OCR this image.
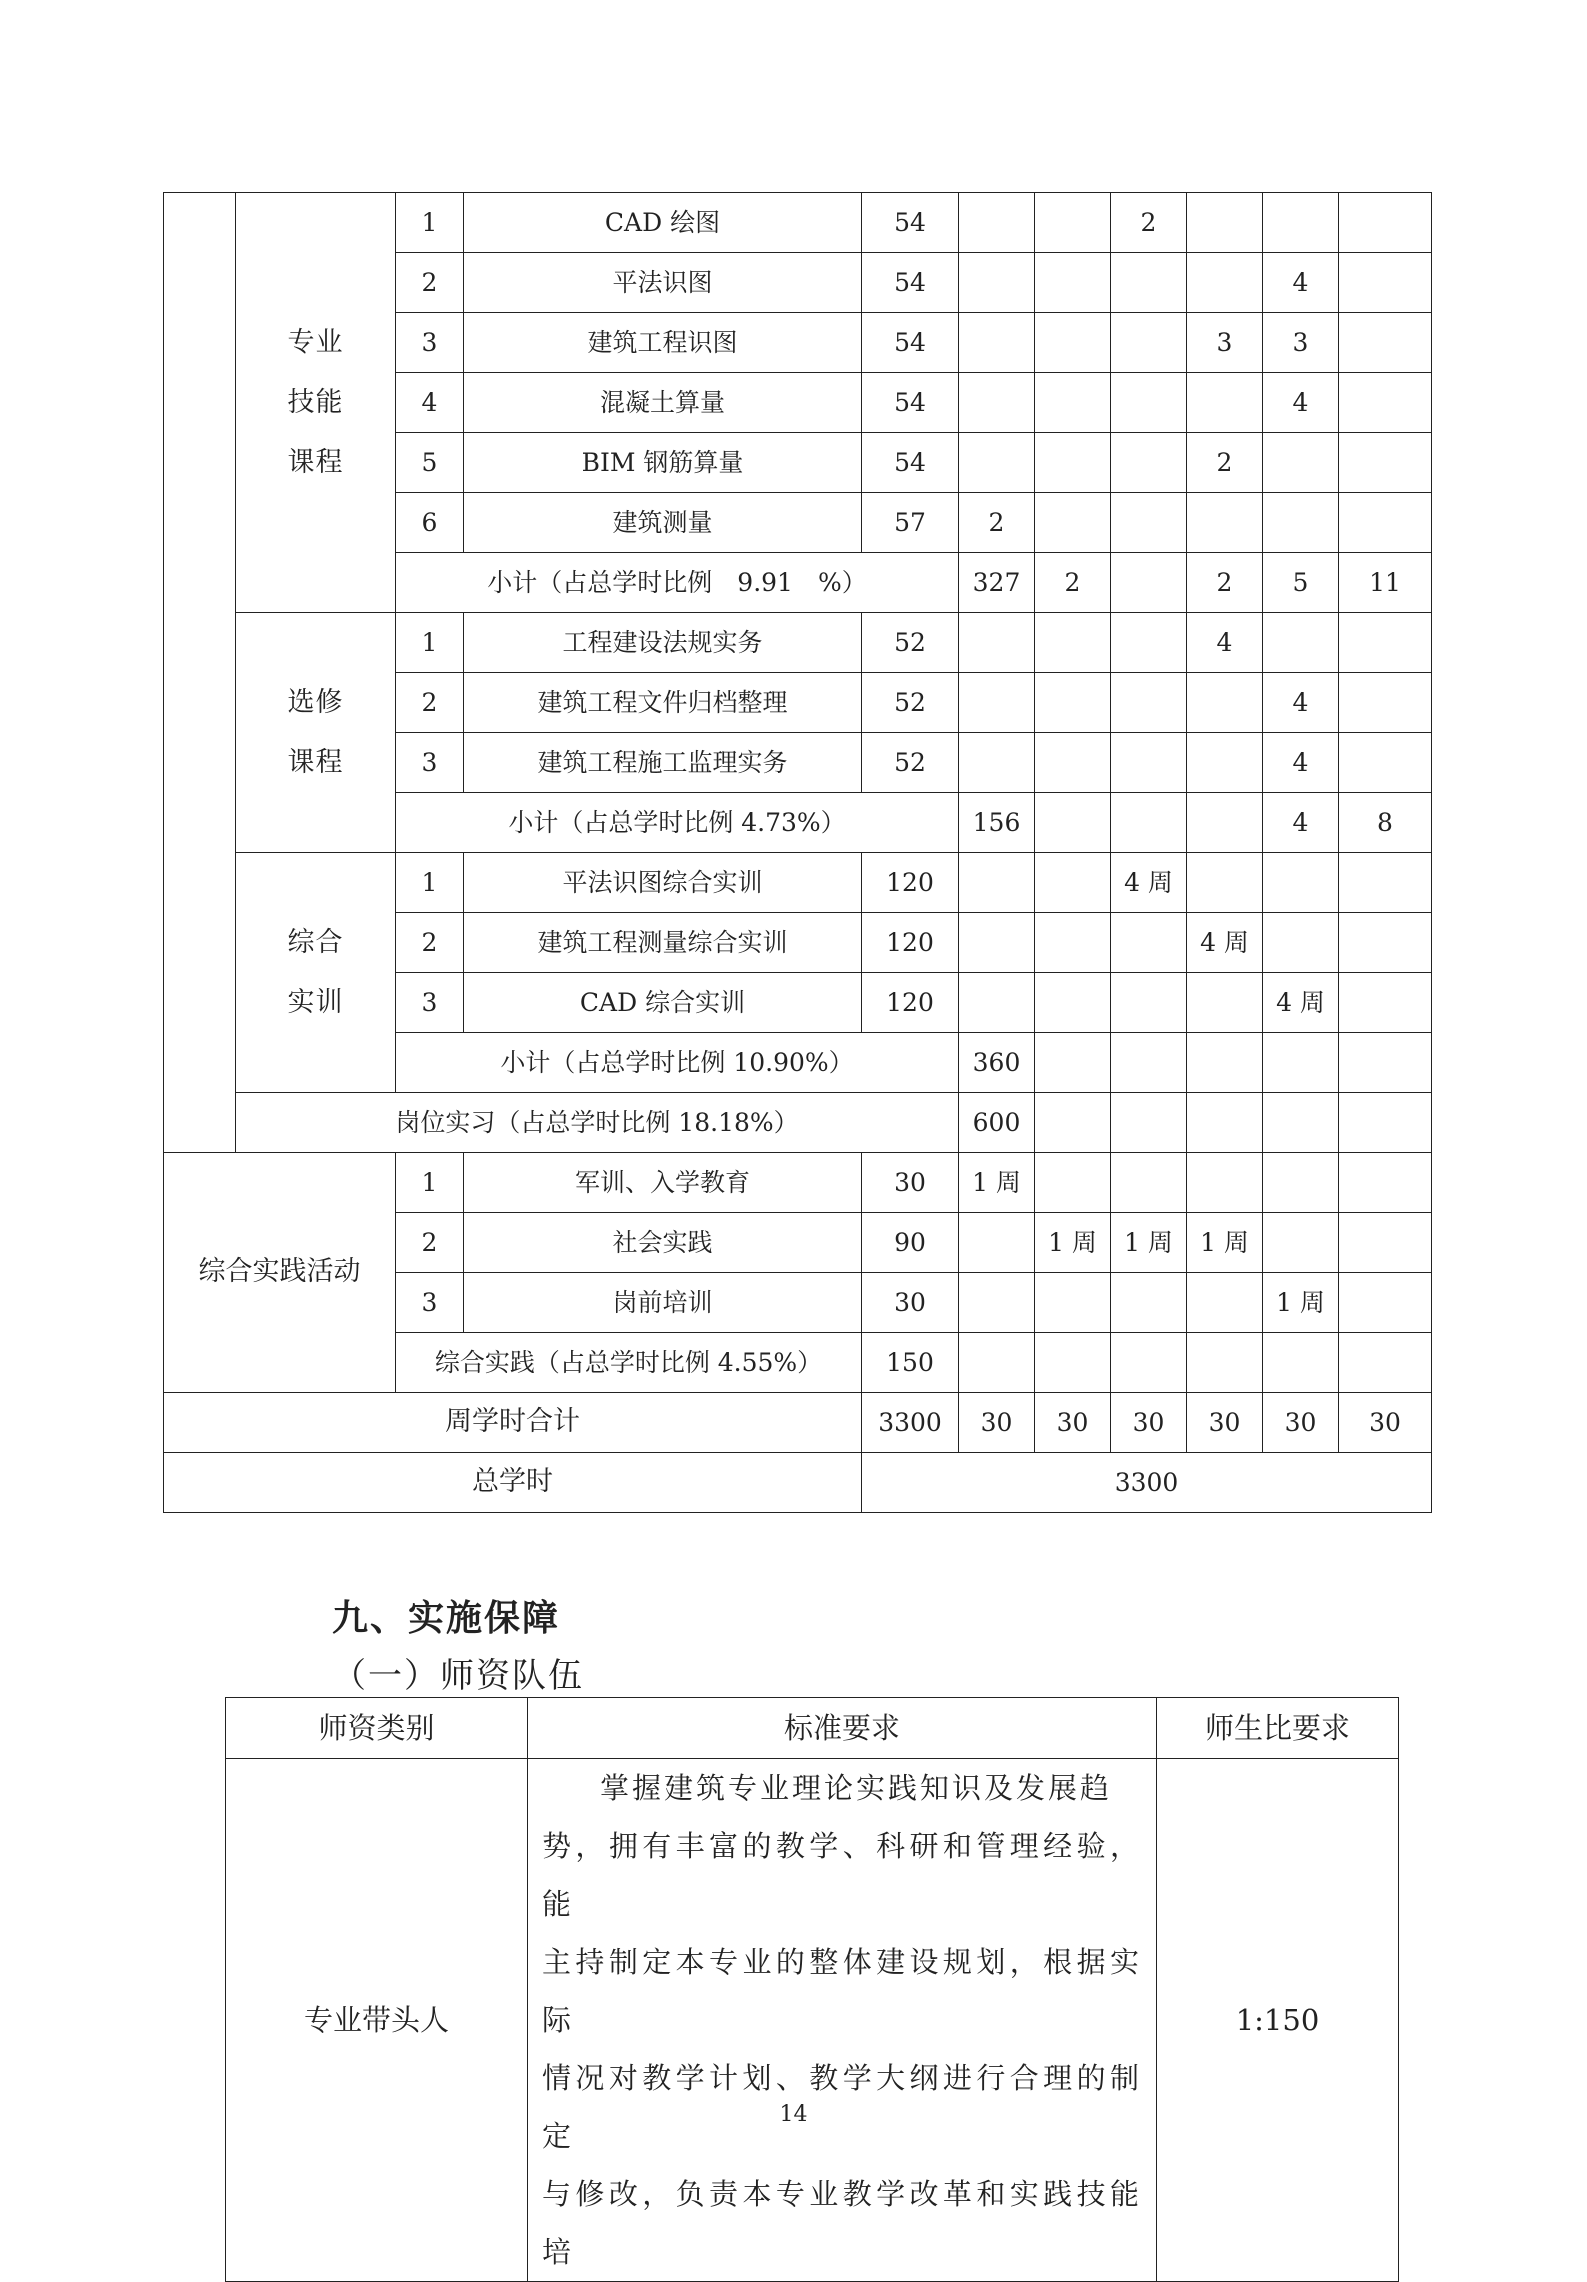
	专业
技能
课程	1	CAD 绘图	54			2				
		2	平法识图	54					4		
		3	建筑工程识图	54				3	3		
		4	混凝土算量	54					4		
		5	BIM 钢筋算量	54				2			
		6	建筑测量	57	2						
		小计（占总学时比例　9.91　%）			327	2		2	5	11	

	选修
课程	1	工程建设法规实务	52				4			
		2	建筑工程文件归档整理	52					4		
		3	建筑工程施工监理实务	52					4		
		小计（占总学时比例 4.73%）			156				4	8	

	综合
实训	1	平法识图综合实训	120			4 周				
		2	建筑工程测量综合实训	120				4 周			
		3	CAD 综合实训	120					4 周		
		小计（占总学时比例 10.90%）			360						
	岗位实习（占总学时比例 18.18%）				600						
综合实践活动		1	军训、入学教育	30	1 周						
		2	社会实践	90		1 周	1 周	1 周			
		3	岗前培训	30					1 周		
		综合实践（占总学时比例 4.55%）		150							
周学时合计				3300	30	30	30	30	30	30	
总学时				3300							
九、实施保障
（一）师资队伍
师资类别	标准要求	师生比要求
专业带头人	掌握建筑专业理论实践知识及发展趋
势，拥有丰富的教学、科研和管理经验，能
主持制定本专业的整体建设规划，根据实际
情况对教学计划、教学大纲进行合理的制定
与修改，负责本专业教学改革和实践技能培	1:150
14
